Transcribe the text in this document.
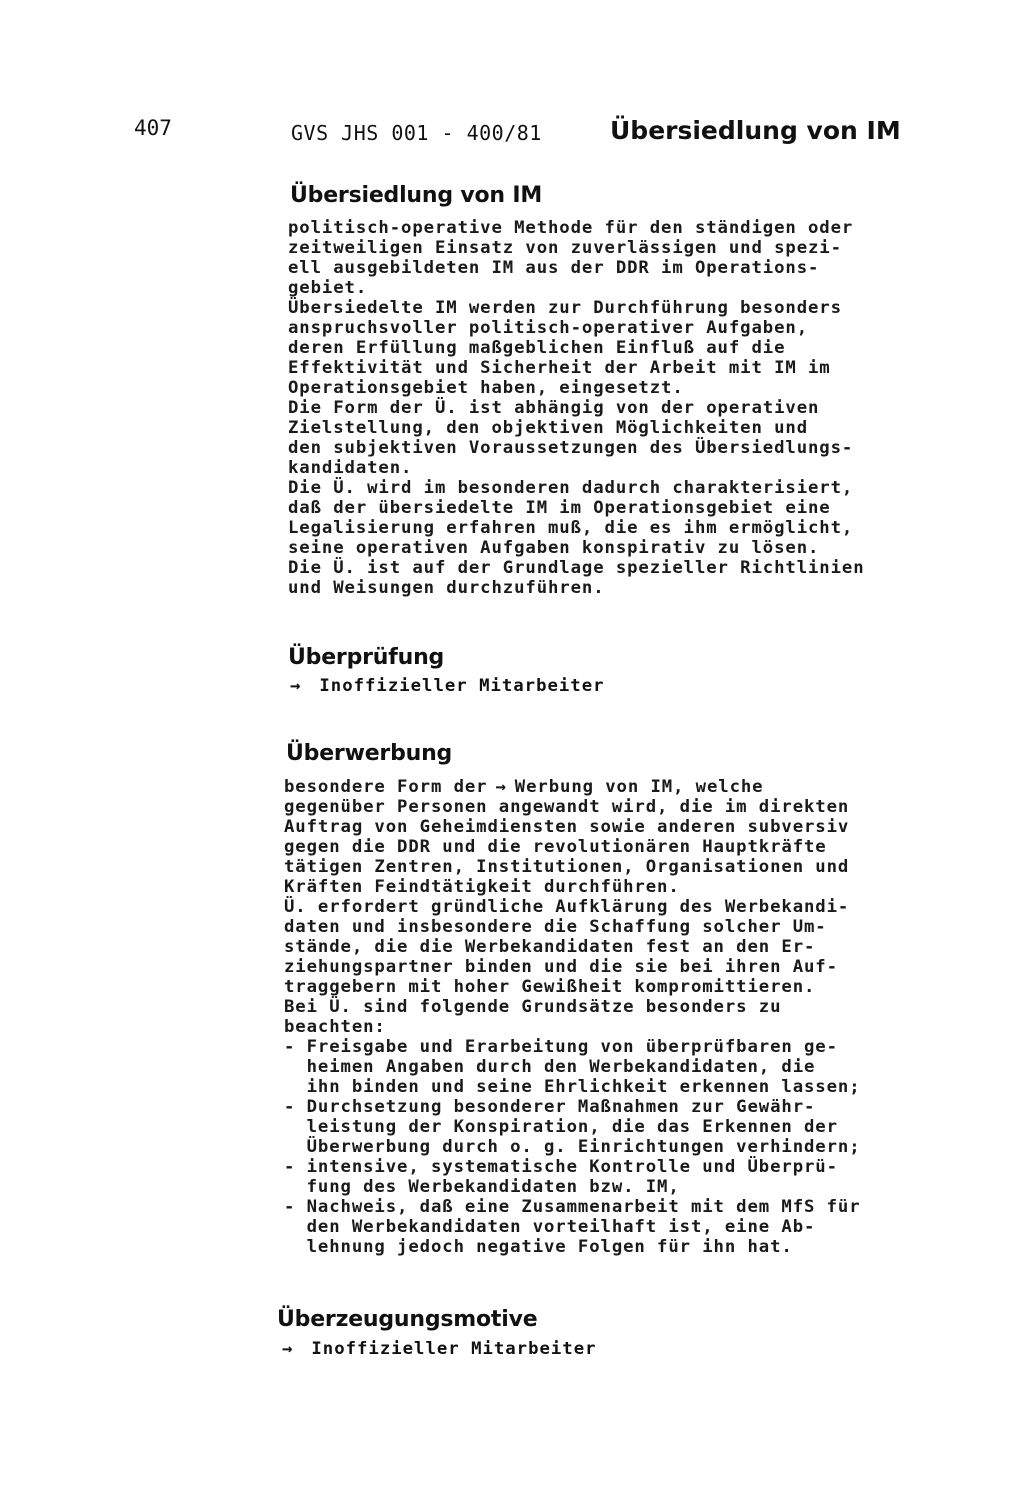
407	GVS JHS 001 - 400/81	Übersiedlung von IM
Übersiedlung von IM
politisch-operative Methode für den ständigen oder
zeitweiligen Einsatz von zuverlässigen und spezi-
ell ausgebildeten IM aus der DDR im Operations-
gebiet.
Übersiedelte IM werden zur Durchführung besonders
anspruchsvoller politisch-operativer Aufgaben,
deren Erfüllung maßgeblichen Einfluß auf die
Effektivität und Sicherheit der Arbeit mit IM im
Operationsgebiet haben, eingesetzt.
Die Form der Ü. ist abhängig von der operativen
Zielstellung, den objektiven Möglichkeiten und
den subjektiven Voraussetzungen des Übersiedlungs-
kandidaten.
Die Ü. wird im besonderen dadurch charakterisiert,
daß der übersiedelte IM im Operationsgebiet eine
Legalisierung erfahren muß, die es ihm ermöglicht,
seine operativen Aufgaben konspirativ zu lösen.
Die Ü. ist auf der Grundlage spezieller Richtlinien
und Weisungen durchzuführen.
Überprüfung
→ Inoffizieller Mitarbeiter
Überwerbung
besondere Form der → Werbung von IM, welche
gegenüber Personen angewandt wird, die im direkten
Auftrag von Geheimdiensten sowie anderen subversiv
gegen die DDR und die revolutionären Hauptkräfte
tätigen Zentren, Institutionen, Organisationen und
Kräften Feindtätigkeit durchführen.
Ü. erfordert gründliche Aufklärung des Werbekandi-
daten und insbesondere die Schaffung solcher Um-
stände, die die Werbekandidaten fest an den Er-
ziehungspartner binden und die sie bei ihren Auf-
traggebern mit hoher Gewißheit kompromittieren.
Bei Ü. sind folgende Grundsätze besonders zu
beachten:
- Freisgabe und Erarbeitung von überprüfbaren ge-
heimen Angaben durch den Werbekandidaten, die
ihn binden und seine Ehrlichkeit erkennen lassen;
- Durchsetzung besonderer Maßnahmen zur Gewähr-
leistung der Konspiration, die das Erkennen der
Überwerbung durch o. g. Einrichtungen verhindern;
- intensive, systematische Kontrolle und Überprü-
fung des Werbekandidaten bzw. IM,
- Nachweis, daß eine Zusammenarbeit mit dem MfS für
den Werbekandidaten vorteilhaft ist, eine Ab-
lehnung jedoch negative Folgen für ihn hat.
Überzeugungsmotive
→ Inoffizieller Mitarbeiter
